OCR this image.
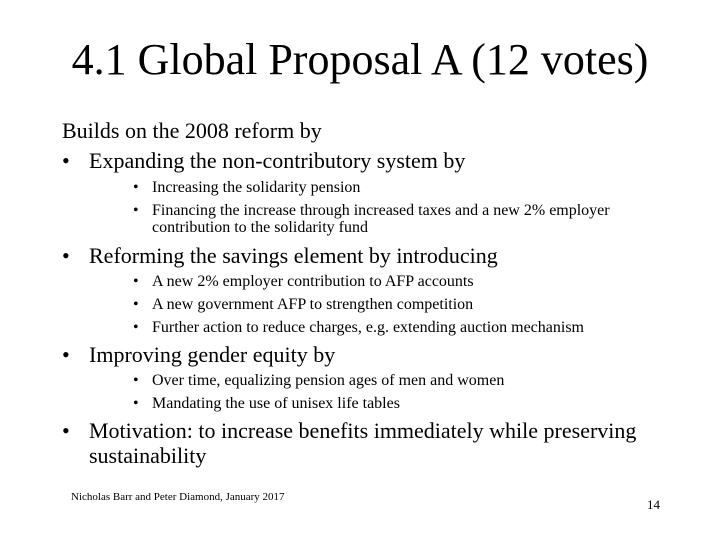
4.1 Global Proposal A (12 votes)
Builds on the 2008 reform by
• Expanding the non-contributory system by
• Increasing the solidarity pension
• Financing the increase through increased taxes and a new 2% employer contribution to the solidarity fund
• Reforming the savings element by introducing
• A new 2% employer contribution to AFP accounts
• A new government AFP to strengthen competition
• Further action to reduce charges, e.g. extending auction mechanism
• Improving gender equity by
• Over time, equalizing pension ages of men and women
• Mandating the use of unisex life tables
• Motivation: to increase benefits immediately while preserving sustainability
Nicholas Barr and Peter Diamond, January 2017	14
